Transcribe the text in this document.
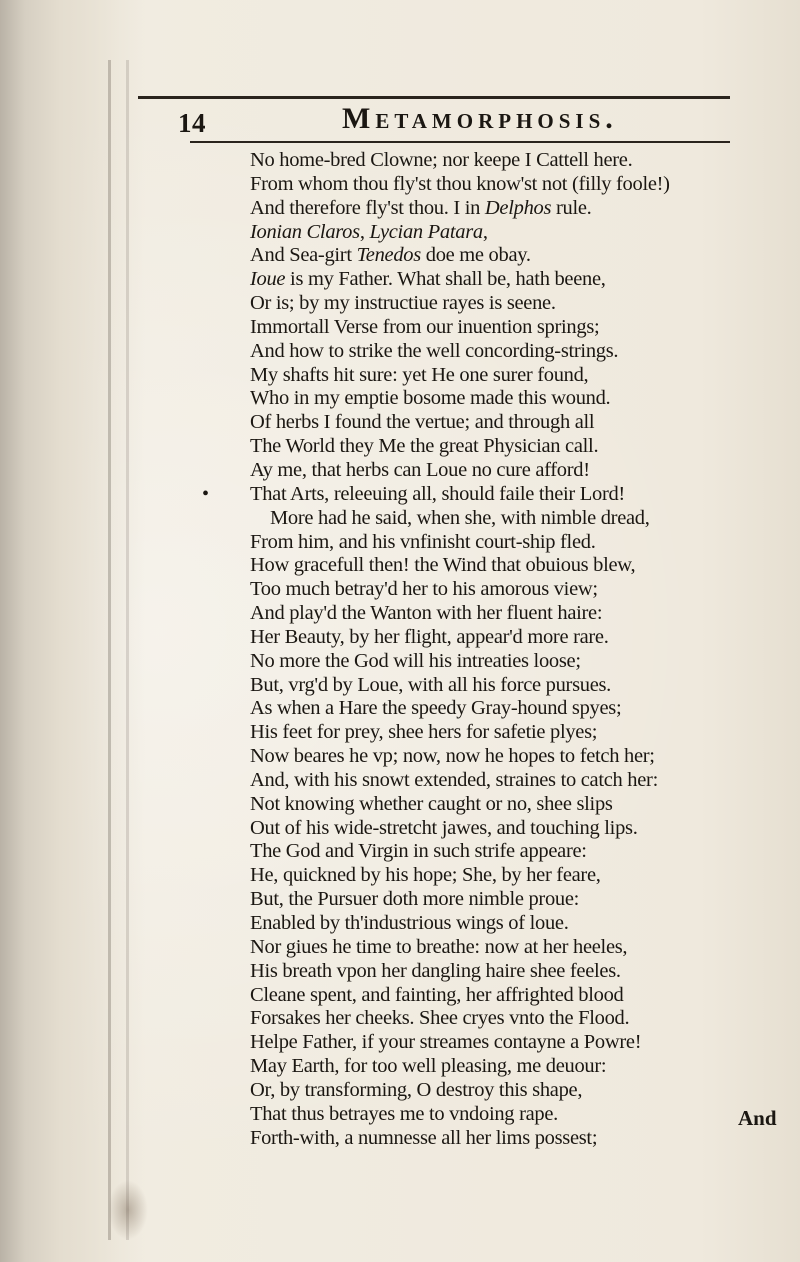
14	Metamorphosis.
No home-bred Clowne; nor keepe I Cattell here.
From whom thou fly'st thou know'st not (filly foole!)
And therefore fly'st thou. I in Delphos rule.
Ionian Claros, Lycian Patara,
And Sea-girt Tenedos doe me obay.
Ioue is my Father. What shall be, hath beene,
Or is; by my instructiue rayes is seene.
Immortall Verse from our inuention springs;
And how to strike the well concording-strings.
My shafts hit sure: yet He one surer found,
Who in my emptie bosome made this wound.
Of herbs I found the vertue; and through all
The World they Me the great Physician call.
Ay me, that herbs can Loue no cure afford!
• That Arts, releeuing all, should faile their Lord!
More had he said, when she, with nimble dread,
From him, and his vnfinisht court-ship fled.
How gracefull then! the Wind that obuious blew,
Too much betray'd her to his amorous view;
And play'd the Wanton with her fluent haire:
Her Beauty, by her flight, appear'd more rare.
No more the God will his intreaties loose;
But, vrg'd by Loue, with all his force pursues.
As when a Hare the speedy Gray-hound spyes;
His feet for prey, shee hers for safetie plyes;
Now beares he vp; now, now he hopes to fetch her;
And, with his snowt extended, straines to catch her:
Not knowing whether caught or no, shee slips
Out of his wide-stretcht jawes, and touching lips.
The God and Virgin in such strife appeare:
He, quickned by his hope; She, by her feare,
But, the Pursuer doth more nimble proue:
Enabled by th'industrious wings of loue.
Nor giues he time to breathe: now at her heeles,
His breath vpon her dangling haire shee feeles.
Cleane spent, and fainting, her affrighted blood
Forsakes her cheeks. Shee cryes vnto the Flood.
Helpe Father, if your streames contayne a Powre!
May Earth, for too well pleasing, me deuour:
Or, by transforming, O destroy this shape,
That thus betrayes me to vndoing rape.
Forth-with, a numnesse all her lims possest;
And
